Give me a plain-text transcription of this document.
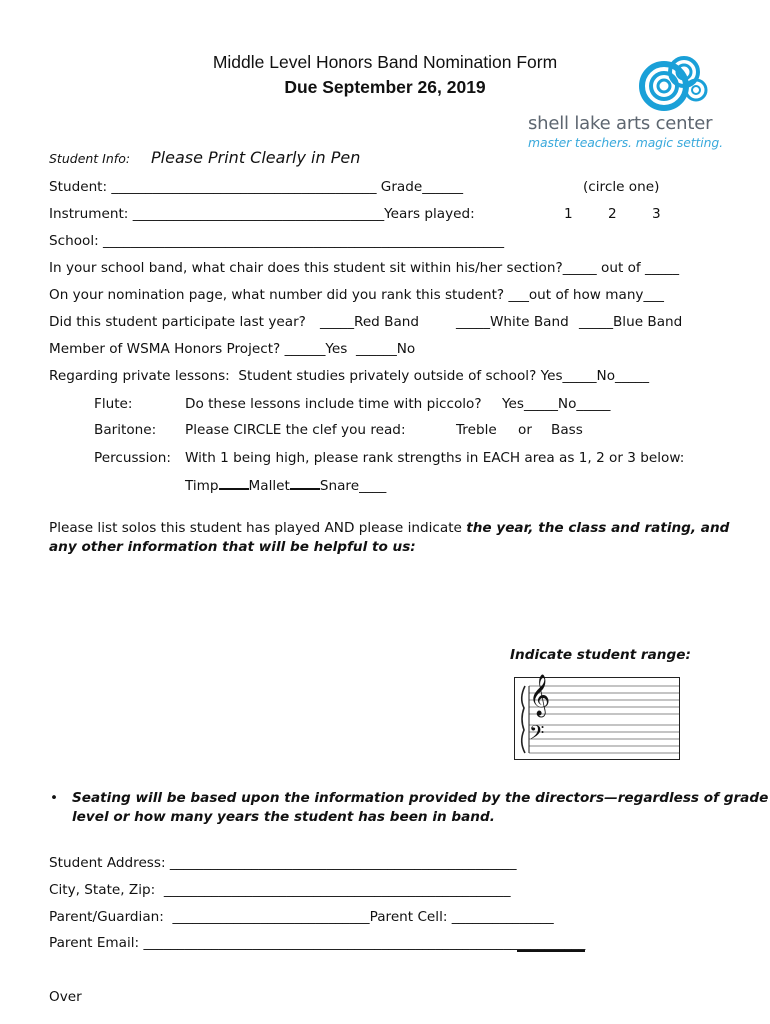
Middle Level Honors Band Nomination Form
Due September 26, 2019
shell lake arts center
master teachers. magic setting.
Student Info: Please Print Clearly in Pen
Student: _______________________________________ Grade______	(circle one)
Instrument: _____________________________________Years played:	1	2	3
School: ___________________________________________________________
In your school band, what chair does this student sit within his/her section?_____ out of _____
On your nomination page, what number did you rank this student? ___out of how many___
Did this student participate last year? _____Red Band	_____White Band _____Blue Band
Member of WSMA Honors Project? ______Yes  ______No
Regarding private lessons:  Student studies privately outside of school? Yes_____No_____
Flute:	Do these lessons include time with piccolo? Yes_____No_____
Baritone: Please CIRCLE the clef you read:	Treble or Bass
Percussion: With 1 being high, please rank strengths in EACH area as 1, 2 or 3 below:
Timp Mallet Snare____
Please list solos this student has played AND please indicate the year, the class and rating, and
any other information that will be helpful to us:
Indicate student range:
𝄞
𝄢
• Seating will be based upon the information provided by the directors—regardless of grade
level or how many years the student has been in band.
Student Address: ___________________________________________________
City, State, Zip:  ___________________________________________________
Parent/Guardian:  _____________________________Parent Cell: _______________
Parent Email: _________________________________________________________________
Over
